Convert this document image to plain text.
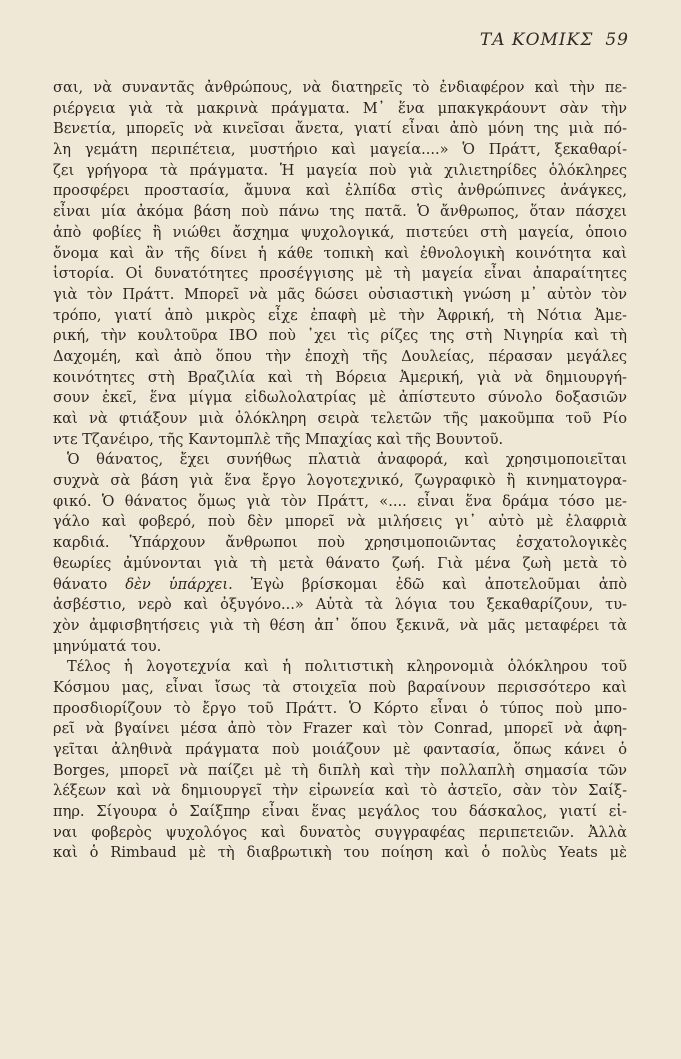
ΤΑ ΚΟΜΙΚΣ 59
σαι, νὰ συναντᾶς ἀνθρώπους, νὰ διατηρεῖς τὸ ἐνδιαφέρον καὶ τὴν πε-
ριέργεια γιὰ τὰ μακρινὰ πράγματα. Μ᾿ ἕνα μπακγκράουντ σὰν τὴν
Βενετία, μπορεῖς νὰ κινεῖσαι ἄνετα, γιατί εἶναι ἀπὸ μόνη της μιὰ πό-
λη γεμάτη περιπέτεια, μυστήριο καὶ μαγεία....» Ὁ Πράττ, ξεκαθαρί-
ζει γρήγορα τὰ πράγματα. Ἡ μαγεία ποὺ γιὰ χιλιετηρίδες ὁλόκληρες
προσφέρει προστασία, ἄμυνα καὶ ἐλπίδα στὶς ἀνθρώπινες ἀνάγκες,
εἶναι μία ἀκόμα βάση ποὺ πάνω της πατᾶ. Ὁ ἄνθρωπος, ὅταν πάσχει
ἀπὸ φοβίες ἢ νιώθει ἄσχημα ψυχολογικά, πιστεύει στὴ μαγεία, ὁποιο
ὄνομα καὶ ἂν τῆς δίνει ἡ κάθε τοπικὴ καὶ ἐθνολογικὴ κοινότητα καὶ
ἱστορία. Οἱ δυνατότητες προσέγγισης μὲ τὴ μαγεία εἶναι ἀπαραίτητες
γιὰ τὸν Πράττ. Μπορεῖ νὰ μᾶς δώσει οὐσιαστικὴ γνώση μ᾿ αὐτὸν τὸν
τρόπο, γιατί ἀπὸ μικρὸς εἶχε ἐπαφὴ μὲ τὴν Ἀφρική, τὴ Νότια Ἀμε-
ρική, τὴν κουλτοῦρα IBO ποὺ ᾽χει τὶς ρίζες της στὴ Νιγηρία καὶ τὴ
Δαχομέη, καὶ ἀπὸ ὅπου τὴν ἐποχὴ τῆς Δουλείας, πέρασαν μεγάλες
κοινότητες στὴ Βραζιλία καὶ τὴ Βόρεια Ἀμερική, γιὰ νὰ δημιουργή-
σουν ἐκεῖ, ἕνα μίγμα εἰδωλολατρίας μὲ ἀπίστευτο σύνολο δοξασιῶν
καὶ νὰ φτιάξουν μιὰ ὁλόκληρη σειρὰ τελετῶν τῆς μακοῦμπα τοῦ Ρίο
ντε Τζανέιρο, τῆς Καντομπλὲ τῆς Μπαχίας καὶ τῆς Βουντοῦ.
Ὁ θάνατος, ἔχει συνήθως πλατιὰ ἀναφορά, καὶ χρησιμοποιεῖται
συχνὰ σὰ βάση γιὰ ἕνα ἔργο λογοτεχνικό, ζωγραφικὸ ἢ κινηματογρα-
φικό. Ὁ θάνατος ὅμως γιὰ τὸν Πράττ, «.... εἶναι ἕνα δράμα τόσο με-
γάλο καὶ φοβερό, ποὺ δὲν μπορεῖ νὰ μιλήσεις γι᾿ αὐτὸ μὲ ἐλαφριὰ
καρδιά. Ὑπάρχουν ἄνθρωποι ποὺ χρησιμοποιῶντας ἐσχατολογικὲς
θεωρίες ἀμύνονται γιὰ τὴ μετὰ θάνατο ζωή. Γιὰ μένα ζωὴ μετὰ τὸ
θάνατο δὲν ὑπάρχει. Ἐγὼ βρίσκομαι ἐδῶ καὶ ἀποτελοῦμαι ἀπὸ
ἀσβέστιο, νερὸ καὶ ὀξυγόνο...» Αὐτὰ τὰ λόγια του ξεκαθαρίζουν, τυ-
χὸν ἀμφισβητήσεις γιὰ τὴ θέση ἀπ᾿ ὅπου ξεκινᾶ, νὰ μᾶς μεταφέρει τὰ
μηνύματά του.
Τέλος ἡ λογοτεχνία καὶ ἡ πολιτιστικὴ κληρονομιὰ ὁλόκληρου τοῦ
Κόσμου μας, εἶναι ἴσως τὰ στοιχεῖα ποὺ βαραίνουν περισσότερο καὶ
προσδιορίζουν τὸ ἔργο τοῦ Πράττ. Ὁ Κόρτο εἶναι ὁ τύπος ποὺ μπο-
ρεῖ νὰ βγαίνει μέσα ἀπὸ τὸν Frazer καὶ τὸν Conrad, μπορεῖ νὰ ἀφη-
γεῖται ἀληθινὰ πράγματα ποὺ μοιάζουν μὲ φαντασία, ὅπως κάνει ὁ
Borges, μπορεῖ νὰ παίζει μὲ τὴ διπλὴ καὶ τὴν πολλαπλὴ σημασία τῶν
λέξεων καὶ νὰ δημιουργεῖ τὴν εἰρωνεία καὶ τὸ ἀστεῖο, σὰν τὸν Σαίξ-
πηρ. Σίγουρα ὁ Σαίξπηρ εἶναι ἕνας μεγάλος του δάσκαλος, γιατί εἰ-
ναι φοβερὸς ψυχολόγος καὶ δυνατὸς συγγραφέας περιπετειῶν. Ἀλλὰ
καὶ ὁ Rimbaud μὲ τὴ διαβρωτικὴ του ποίηση καὶ ὁ πολὺς Yeats μὲ
